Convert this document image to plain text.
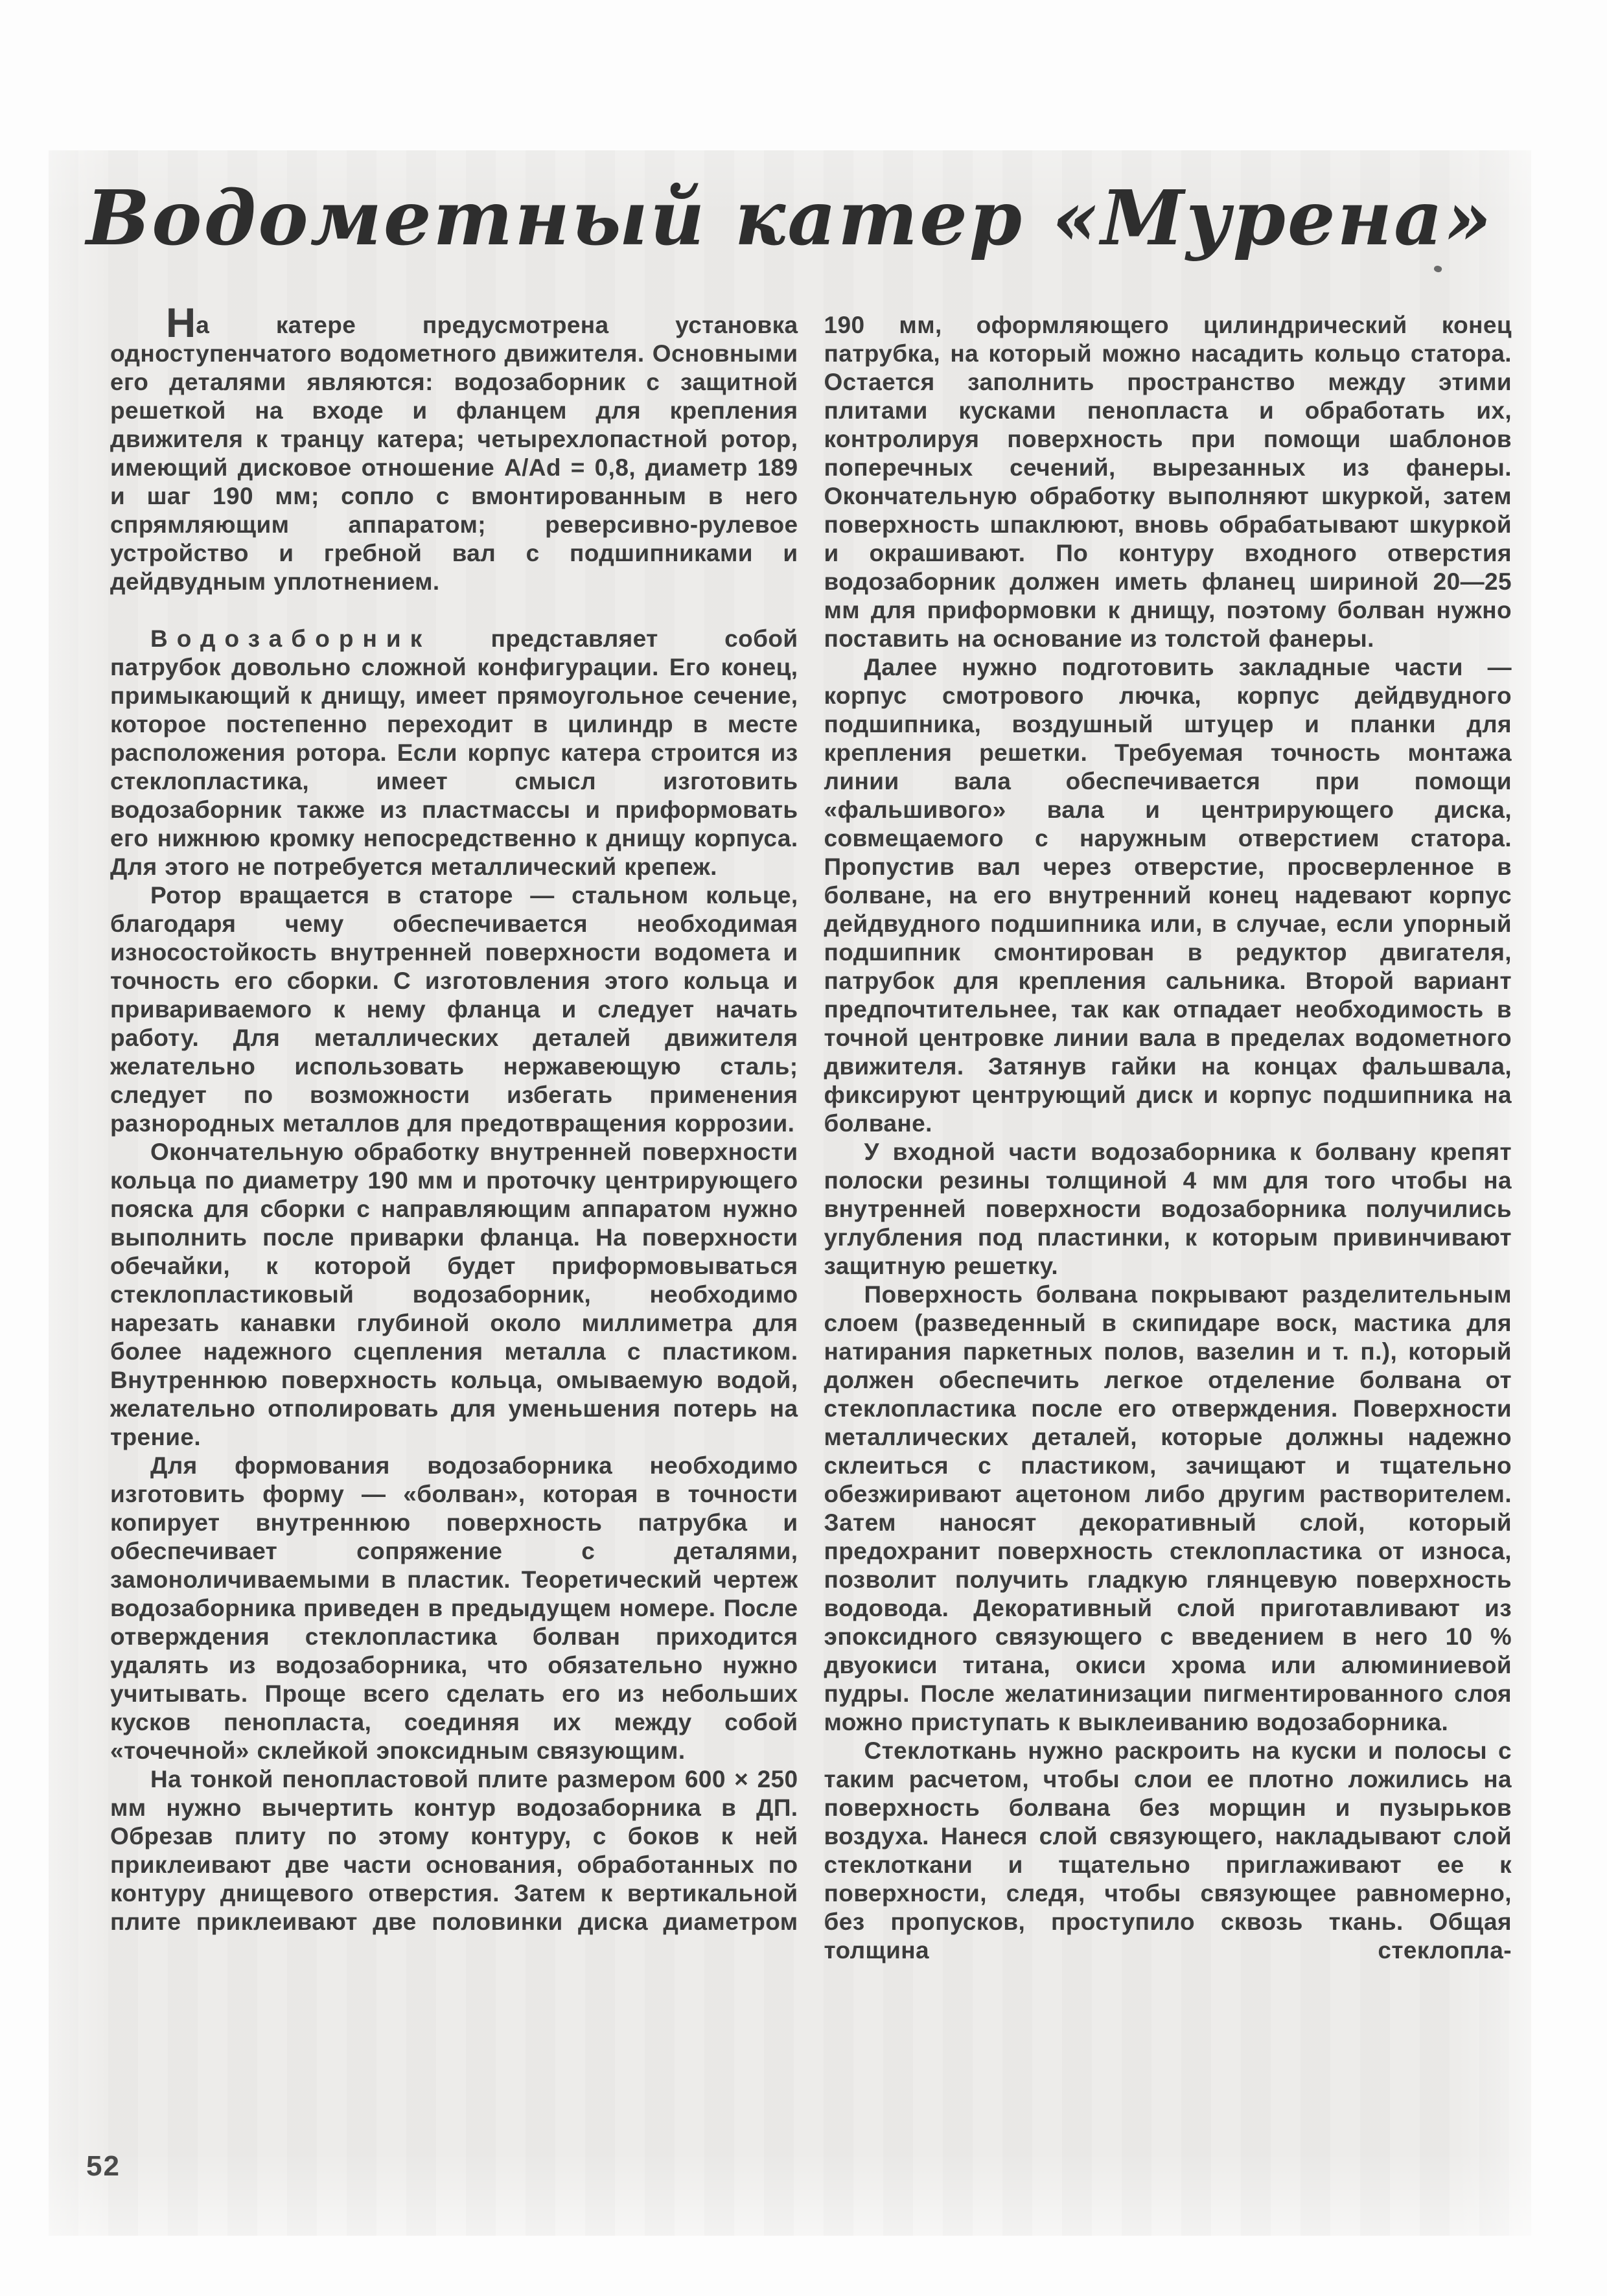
Водометный катер «Мурена»

На катере предусмотрена установка одноступенчатого водометного движителя. Основными его деталями являются: водозаборник с защитной решеткой на входе и фланцем для крепления движителя к транцу катера; четырехлопастной ротор, имеющий дисковое отношение A/Ad = 0,8, диаметр 189 и шаг 190 мм; сопло с вмонтированным в него спрямляющим аппаратом; реверсивно-рулевое устройство и гребной вал с подшипниками и дейдвудным уплотнением.

Водозаборник представляет собой патрубок довольно сложной конфигурации. Его конец, примыкающий к днищу, имеет прямоугольное сечение, которое постепенно переходит в цилиндр в месте расположения ротора. Если корпус катера строится из стеклопластика, имеет смысл изготовить водозаборник также из пластмассы и приформовать его нижнюю кромку непосредственно к днищу корпуса. Для этого не потребуется металлический крепеж.

Ротор вращается в статоре — стальном кольце, благодаря чему обеспечивается необходимая износостойкость внутренней поверхности водомета и точность его сборки. С изготовления этого кольца и привариваемого к нему фланца и следует начать работу. Для металлических деталей движителя желательно использовать нержавеющую сталь; следует по возможности избегать применения разнородных металлов для предотвращения коррозии.

Окончательную обработку внутренней поверхности кольца по диаметру 190 мм и проточку центрирующего пояска для сборки с направляющим аппаратом нужно выполнить после приварки фланца. На поверхности обечайки, к которой будет приформовываться стеклопластиковый водозаборник, необходимо нарезать канавки глубиной около миллиметра для более надежного сцепления металла с пластиком. Внутреннюю поверхность кольца, омываемую водой, желательно отполировать для уменьшения потерь на трение.

Для формования водозаборника необходимо изготовить форму — «болван», которая в точности копирует внутреннюю поверхность патрубка и обеспечивает сопряжение с деталями, замоноличиваемыми в пластик. Теоретический чертеж водозаборника приведен в предыдущем номере. После отверждения стеклопластика болван приходится удалять из водозаборника, что обязательно нужно учитывать. Проще всего сделать его из небольших кусков пенопласта, соединяя их между собой «точечной» склейкой эпоксидным связующим.

На тонкой пенопластовой плите размером 600 × 250 мм нужно вычертить контур водозаборника в ДП. Обрезав плиту по этому контуру, с боков к ней приклеивают две части основания, обработанных по контуру днищевого отверстия. Затем к вертикальной плите приклеивают две половинки диска диаметром

190 мм, оформляющего цилиндрический конец патрубка, на который можно насадить кольцо статора. Остается заполнить пространство между этими плитами кусками пенопласта и обработать их, контролируя поверхность при помощи шаблонов поперечных сечений, вырезанных из фанеры. Окончательную обработку выполняют шкуркой, затем поверхность шпаклюют, вновь обрабатывают шкуркой и окрашивают. По контуру входного отверстия водозаборник должен иметь фланец шириной 20—25 мм для приформовки к днищу, поэтому болван нужно поставить на основание из толстой фанеры.

Далее нужно подготовить закладные части — корпус смотрового лючка, корпус дейдвудного подшипника, воздушный штуцер и планки для крепления решетки. Требуемая точность монтажа линии вала обеспечивается при помощи «фальшивого» вала и центрирующего диска, совмещаемого с наружным отверстием статора. Пропустив вал через отверстие, просверленное в болване, на его внутренний конец надевают корпус дейдвудного подшипника или, в случае, если упорный подшипник смонтирован в редуктор двигателя, патрубок для крепления сальника. Второй вариант предпочтительнее, так как отпадает необходимость в точной центровке линии вала в пределах водометного движителя. Затянув гайки на концах фальшвала, фиксируют центрующий диск и корпус подшипника на болване.

У входной части водозаборника к болвану крепят полоски резины толщиной 4 мм для того чтобы на внутренней поверхности водозаборника получились углубления под пластинки, к которым привинчивают защитную решетку.

Поверхность болвана покрывают разделительным слоем (разведенный в скипидаре воск, мастика для натирания паркетных полов, вазелин и т. п.), который должен обеспечить легкое отделение болвана от стеклопластика после его отверждения. Поверхности металлических деталей, которые должны надежно склеиться с пластиком, зачищают и тщательно обезжиривают ацетоном либо другим растворителем. Затем наносят декоративный слой, который предохранит поверхность стеклопластика от износа, позволит получить гладкую глянцевую поверхность водовода. Декоративный слой приготавливают из эпоксидного связующего с введением в него 10 % двуокиси титана, окиси хрома или алюминиевой пудры. После желатинизации пигментированного слоя можно приступать к выклеиванию водозаборника.

Стеклоткань нужно раскроить на куски и полосы с таким расчетом, чтобы слои ее плотно ложились на поверхность болвана без морщин и пузырьков воздуха. Нанеся слой связующего, накладывают слой стеклоткани и тщательно приглаживают ее к поверхности, следя, чтобы связующее равномерно, без пропусков, проступило сквозь ткань. Общая толщина стеклопла-

52
